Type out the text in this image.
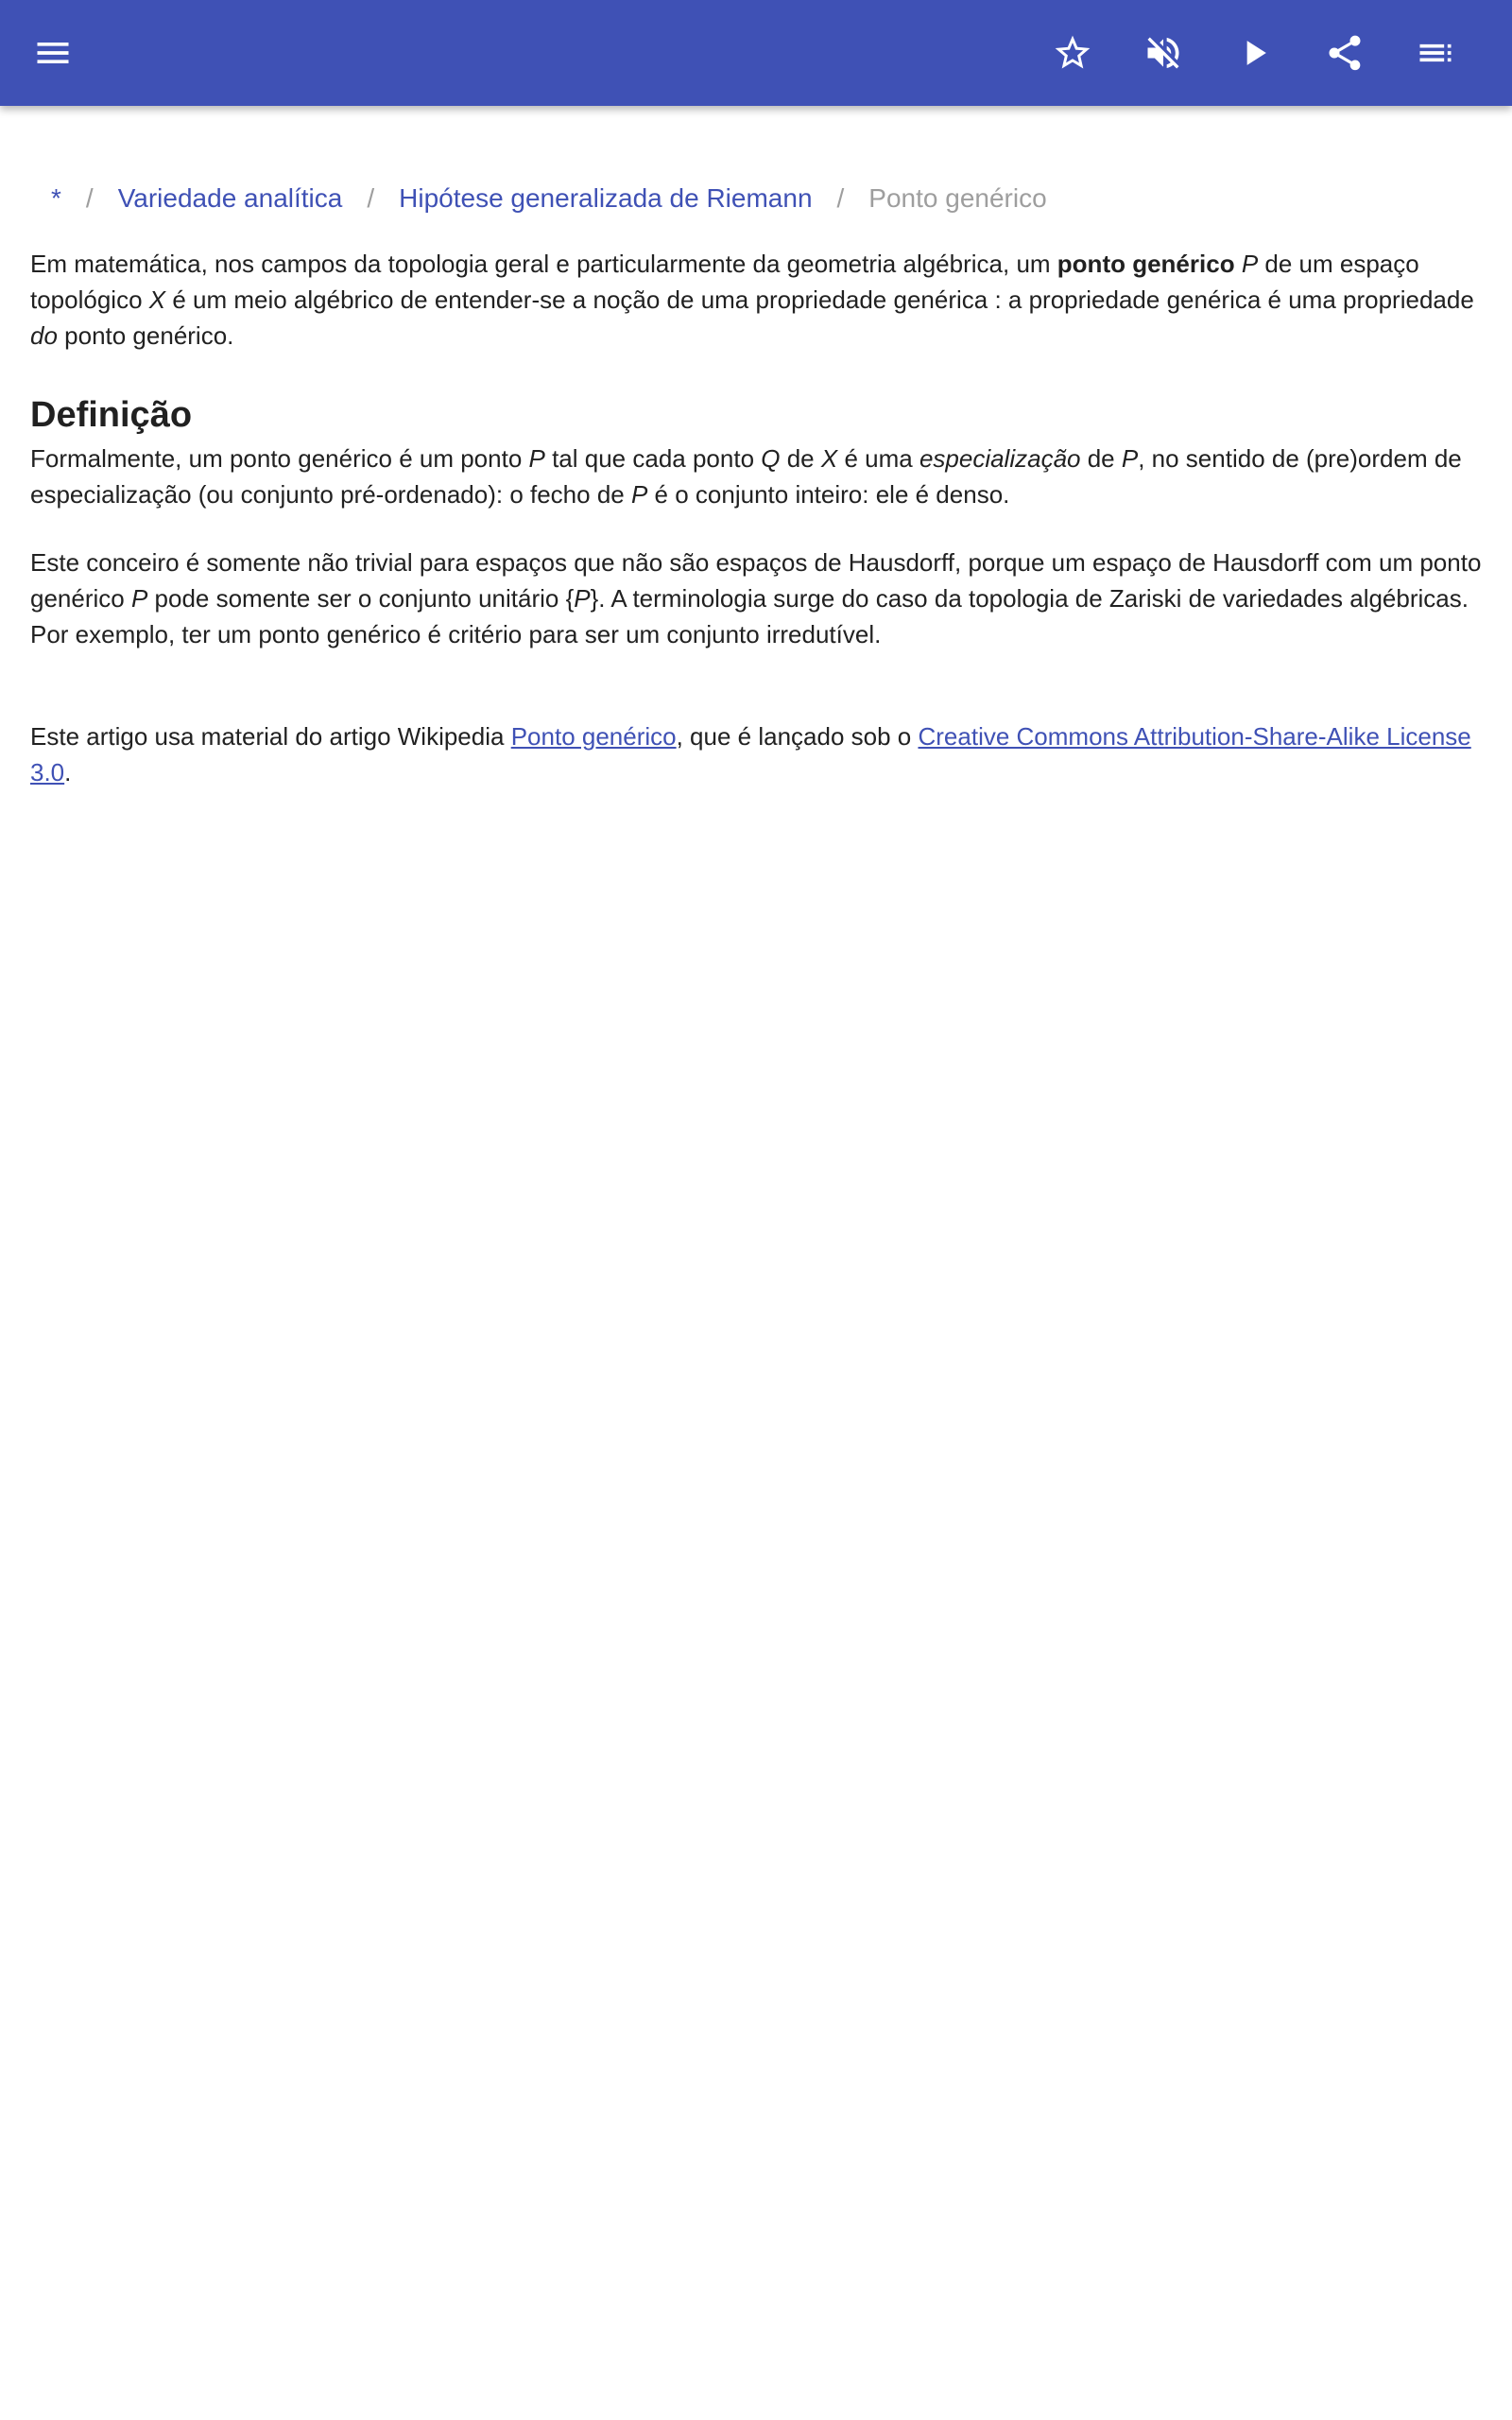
* / Variedade analítica / Hipótese generalizada de Riemann / Ponto genérico

Em matemática, nos campos da topologia geral e particularmente da geometria algébrica, um ponto genérico P de um espaço topológico X é um meio algébrico de entender-se a noção de uma propriedade genérica : a propriedade genérica é uma propriedade do ponto genérico.

Definição

Formalmente, um ponto genérico é um ponto P tal que cada ponto Q de X é uma especialização de P, no sentido de (pre)ordem de especialização (ou conjunto pré-ordenado): o fecho de P é o conjunto inteiro: ele é denso.

Este conceiro é somente não trivial para espaços que não são espaços de Hausdorff, porque um espaço de Hausdorff com um ponto genérico P pode somente ser o conjunto unitário {P}. A terminologia surge do caso da topologia de Zariski de variedades algébricas. Por exemplo, ter um ponto genérico é critério para ser um conjunto irredutível.

Este artigo usa material do artigo Wikipedia Ponto genérico, que é lançado sob o Creative Commons Attribution-Share-Alike License 3.0.
